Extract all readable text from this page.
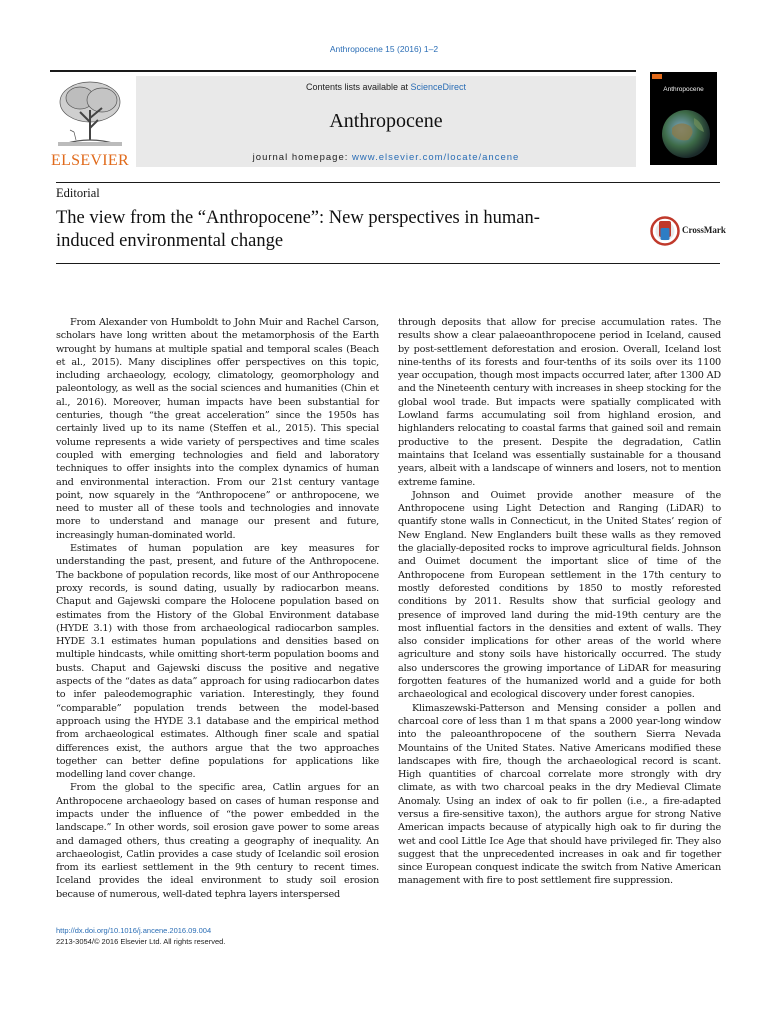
Anthropocene 15 (2016) 1–2
ELSEVIER
Contents lists available at ScienceDirect
Anthropocene
journal homepage: www.elsevier.com/locate/ancene
Anthropocene
Editorial
The view from the “Anthropocene”: New perspectives in human-induced environmental change
CrossMark

From Alexander von Humboldt to John Muir and Rachel Carson, scholars have long written about the metamorphosis of the Earth wrought by humans at multiple spatial and temporal scales (Beach et al., 2015). Many disciplines offer perspectives on this topic, including archaeology, ecology, climatology, geomorphology and paleontology, as well as the social sciences and humanities (Chin et al., 2016). Moreover, human impacts have been substantial for centuries, though “the great acceleration” since the 1950s has certainly lived up to its name (Steffen et al., 2015). This special volume represents a wide variety of perspectives and time scales coupled with emerging technologies and field and laboratory techniques to offer insights into the complex dynamics of human and environmental interaction. From our 21st century vantage point, now squarely in the “Anthropocene” or anthropocene, we need to muster all of these tools and technologies and innovate more to understand and manage our present and future, increasingly human-dominated world.

Estimates of human population are key measures for understanding the past, present, and future of the Anthropocene. The backbone of population records, like most of our Anthropocene proxy records, is sound dating, usually by radiocarbon means. Chaput and Gajewski compare the Holocene population based on estimates from the History of the Global Environment database (HYDE 3.1) with those from archaeological radiocarbon samples. HYDE 3.1 estimates human populations and densities based on multiple hindcasts, while omitting short-term population booms and busts. Chaput and Gajewski discuss the positive and negative aspects of the “dates as data” approach for using radiocarbon dates to infer paleodemographic variation. Interestingly, they found “comparable” population trends between the model-based approach using the HYDE 3.1 database and the empirical method from archaeological estimates. Although finer scale and spatial differences exist, the authors argue that the two approaches together can better define populations for applications like modelling land cover change.

From the global to the specific area, Catlin argues for an Anthropocene archaeology based on cases of human response and impacts under the influence of “the power embedded in the landscape.” In other words, soil erosion gave power to some areas and damaged others, thus creating a geography of inequality. An archaeologist, Catlin provides a case study of Icelandic soil erosion from its earliest settlement in the 9th century to recent times. Iceland provides the ideal environment to study soil erosion because of numerous, well-dated tephra layers interspersed

through deposits that allow for precise accumulation rates. The results show a clear palaeoanthropocene period in Iceland, caused by post-settlement deforestation and erosion. Overall, Iceland lost nine-tenths of its forests and four-tenths of its soils over its 1100 year occupation, though most impacts occurred later, after 1300 AD and the Nineteenth century with increases in sheep stocking for the global wool trade. But impacts were spatially complicated with Lowland farms accumulating soil from highland erosion, and highlanders relocating to coastal farms that gained soil and remain productive to the present. Despite the degradation, Catlin maintains that Iceland was essentially sustainable for a thousand years, albeit with a landscape of winners and losers, not to mention extreme famine.

Johnson and Ouimet provide another measure of the Anthropocene using Light Detection and Ranging (LiDAR) to quantify stone walls in Connecticut, in the United States’ region of New England. New Englanders built these walls as they removed the glacially-deposited rocks to improve agricultural fields. Johnson and Ouimet document the important slice of time of the Anthropocene from European settlement in the 17th century to mostly deforested conditions by 1850 to mostly reforested conditions by 2011. Results show that surficial geology and presence of improved land during the mid-19th century are the most influential factors in the densities and extent of walls. They also consider implications for other areas of the world where agriculture and stony soils have historically occurred. The study also underscores the growing importance of LiDAR for measuring forgotten features of the humanized world and a guide for both archaeological and ecological discovery under forest canopies.

Klimaszewski-Patterson and Mensing consider a pollen and charcoal core of less than 1 m that spans a 2000 year-long window into the paleoanthropocene of the southern Sierra Nevada Mountains of the United States. Native Americans modified these landscapes with fire, though the archaeological record is scant. High quantities of charcoal correlate more strongly with dry climate, as with two charcoal peaks in the dry Medieval Climate Anomaly. Using an index of oak to fir pollen (i.e., a fire-adapted versus a fire-sensitive taxon), the authors argue for strong Native American impacts because of atypically high oak to fir during the wet and cool Little Ice Age that should have privileged fir. They also suggest that the unprecedented increases in oak and fir together since European conquest indicate the switch from Native American management with fire to post settlement fire suppression.

http://dx.doi.org/10.1016/j.ancene.2016.09.004
2213-3054/© 2016 Elsevier Ltd. All rights reserved.
